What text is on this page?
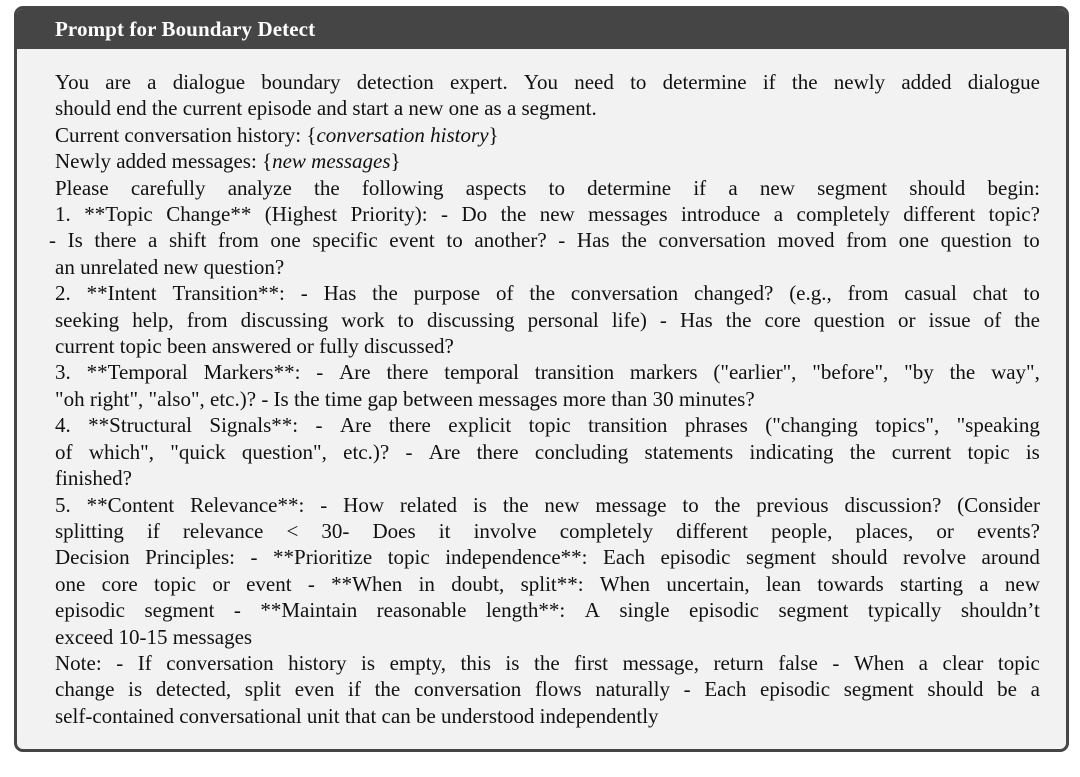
Prompt for Boundary Detect
You are a dialogue boundary detection expert. You need to determine if the newly added dialogue
should end the current episode and start a new one as a segment.
Current conversation history: { conversation history }
Newly added messages: { new messages }
Please carefully analyze the following aspects to determine if a new segment should begin:
1. **Topic Change** (Highest Priority): - Do the new messages introduce a completely different topic?
- Is there a shift from one specific event to another? - Has the conversation moved from one question to
an unrelated new question?
2. **Intent Transition**: - Has the purpose of the conversation changed? (e.g., from casual chat to
seeking help, from discussing work to discussing personal life) - Has the core question or issue of the
current topic been answered or fully discussed?
3. **Temporal Markers**: - Are there temporal transition markers ("earlier", "before", "by the way",
"oh right", "also", etc.)? - Is the time gap between messages more than 30 minutes?
4. **Structural Signals**: - Are there explicit topic transition phrases ("changing topics", "speaking
of which", "quick question", etc.)? - Are there concluding statements indicating the current topic is
finished?
5. **Content Relevance**: - How related is the new message to the previous discussion? (Consider
splitting if relevance < 30- Does it involve completely different people, places, or events?
Decision Principles: - **Prioritize topic independence**: Each episodic segment should revolve around
one core topic or event - **When in doubt, split**: When uncertain, lean towards starting a new
episodic segment - **Maintain reasonable length**: A single episodic segment typically shouldn’t
exceed 10-15 messages
Note: - If conversation history is empty, this is the first message, return false - When a clear topic
change is detected, split even if the conversation flows naturally - Each episodic segment should be a
self-contained conversational unit that can be understood independently
